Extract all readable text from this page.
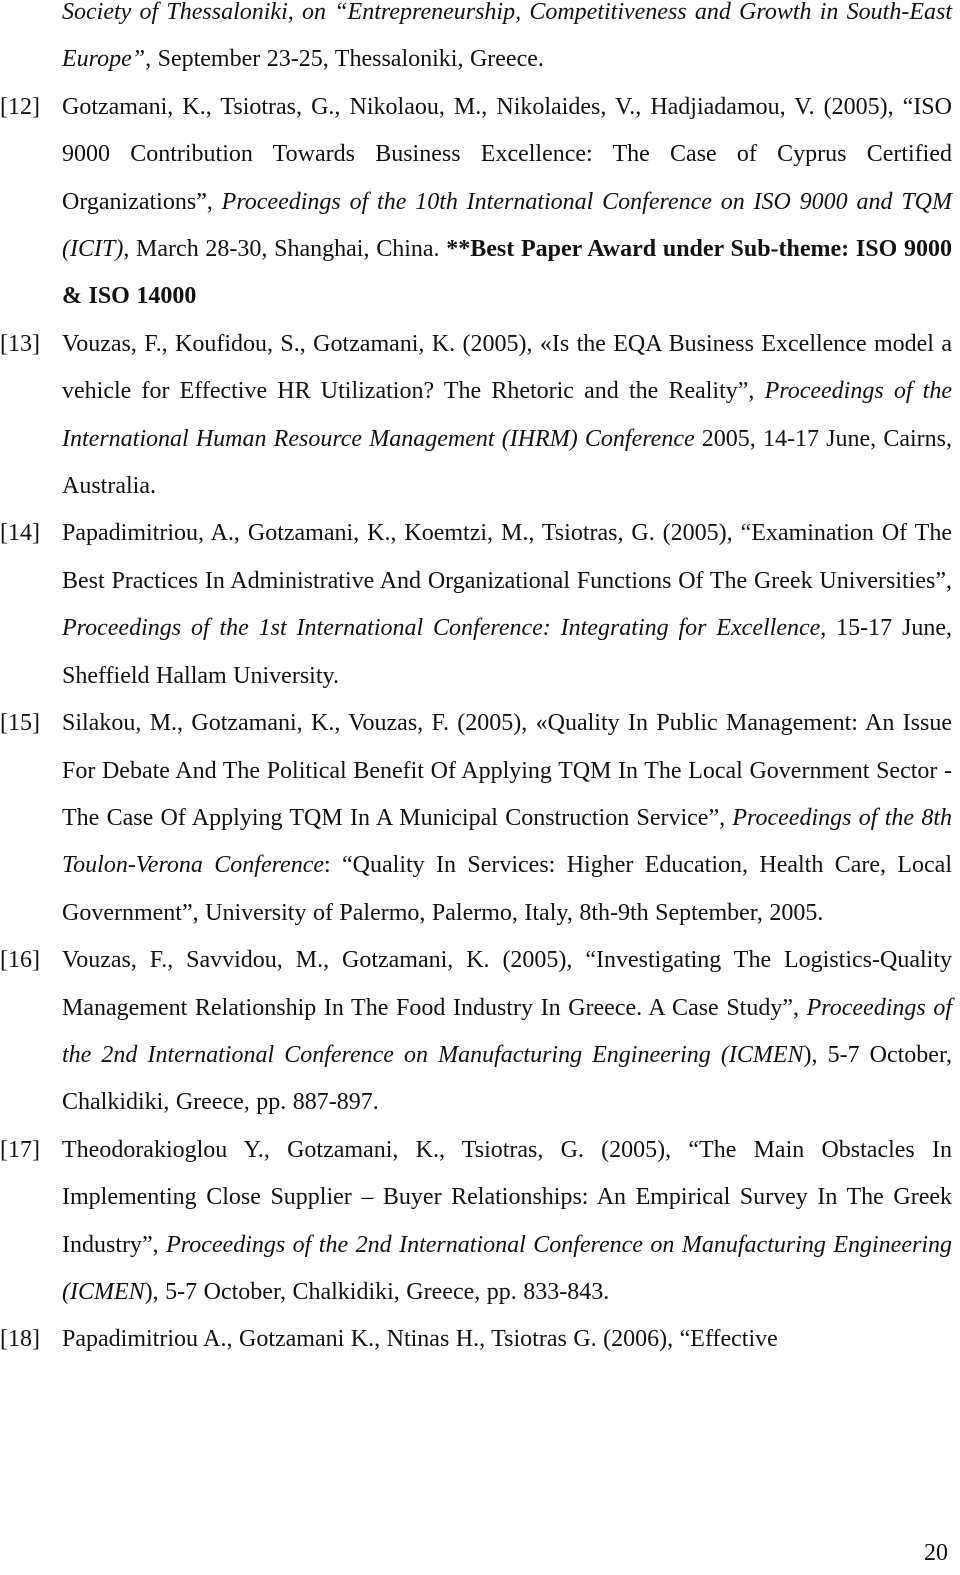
Society of Thessaloniki, on “Entrepreneurship, Competitiveness and Growth in South-East Europe”, September 23-25, Thessaloniki, Greece.
[12] Gotzamani, K., Tsiotras, G., Nikolaou, M., Nikolaides, V., Hadjiadamou, V. (2005), “ISO 9000 Contribution Towards Business Excellence: The Case of Cyprus Certified Organizations”, Proceedings of the 10th International Conference on ISO 9000 and TQM (ICIT), March 28-30, Shanghai, China. **Best Paper Award under Sub-theme: ISO 9000 & ISO 14000
[13] Vouzas, F., Koufidou, S., Gotzamani, K. (2005), «Is the EQA Business Excellence model a vehicle for Effective HR Utilization? The Rhetoric and the Reality”, Proceedings of the International Human Resource Management (IHRM) Conference 2005, 14-17 June, Cairns, Australia.
[14] Papadimitriou, A., Gotzamani, K., Koemtzi, M., Tsiotras, G. (2005), “Examination Of The Best Practices In Administrative And Organizational Functions Of The Greek Universities”, Proceedings of the 1st International Conference: Integrating for Excellence, 15-17 June, Sheffield Hallam University.
[15] Silakou, M., Gotzamani, K., Vouzas, F. (2005), «Quality In Public Management: An Issue For Debate And The Political Benefit Of Applying TQM In The Local Government Sector - The Case Of Applying TQM In A Municipal Construction Service”, Proceedings of the 8th Toulon-Verona Conference: “Quality In Services: Higher Education, Health Care, Local Government”, University of Palermo, Palermo, Italy, 8th-9th September, 2005.
[16] Vouzas, F., Savvidou, M., Gotzamani, K. (2005), “Investigating The Logistics-Quality Management Relationship In The Food Industry In Greece. A Case Study”, Proceedings of the 2nd International Conference on Manufacturing Engineering (ICMEN), 5-7 October, Chalkidiki, Greece, pp. 887-897.
[17] Theodorakioglou Y., Gotzamani, K., Tsiotras, G. (2005), “The Main Obstacles In Implementing Close Supplier – Buyer Relationships: An Empirical Survey In The Greek Industry”, Proceedings of the 2nd International Conference on Manufacturing Engineering (ICMEN), 5-7 October, Chalkidiki, Greece, pp. 833-843.
[18] Papadimitriou A., Gotzamani K., Ntinas H., Tsiotras G. (2006), “Effective
20
